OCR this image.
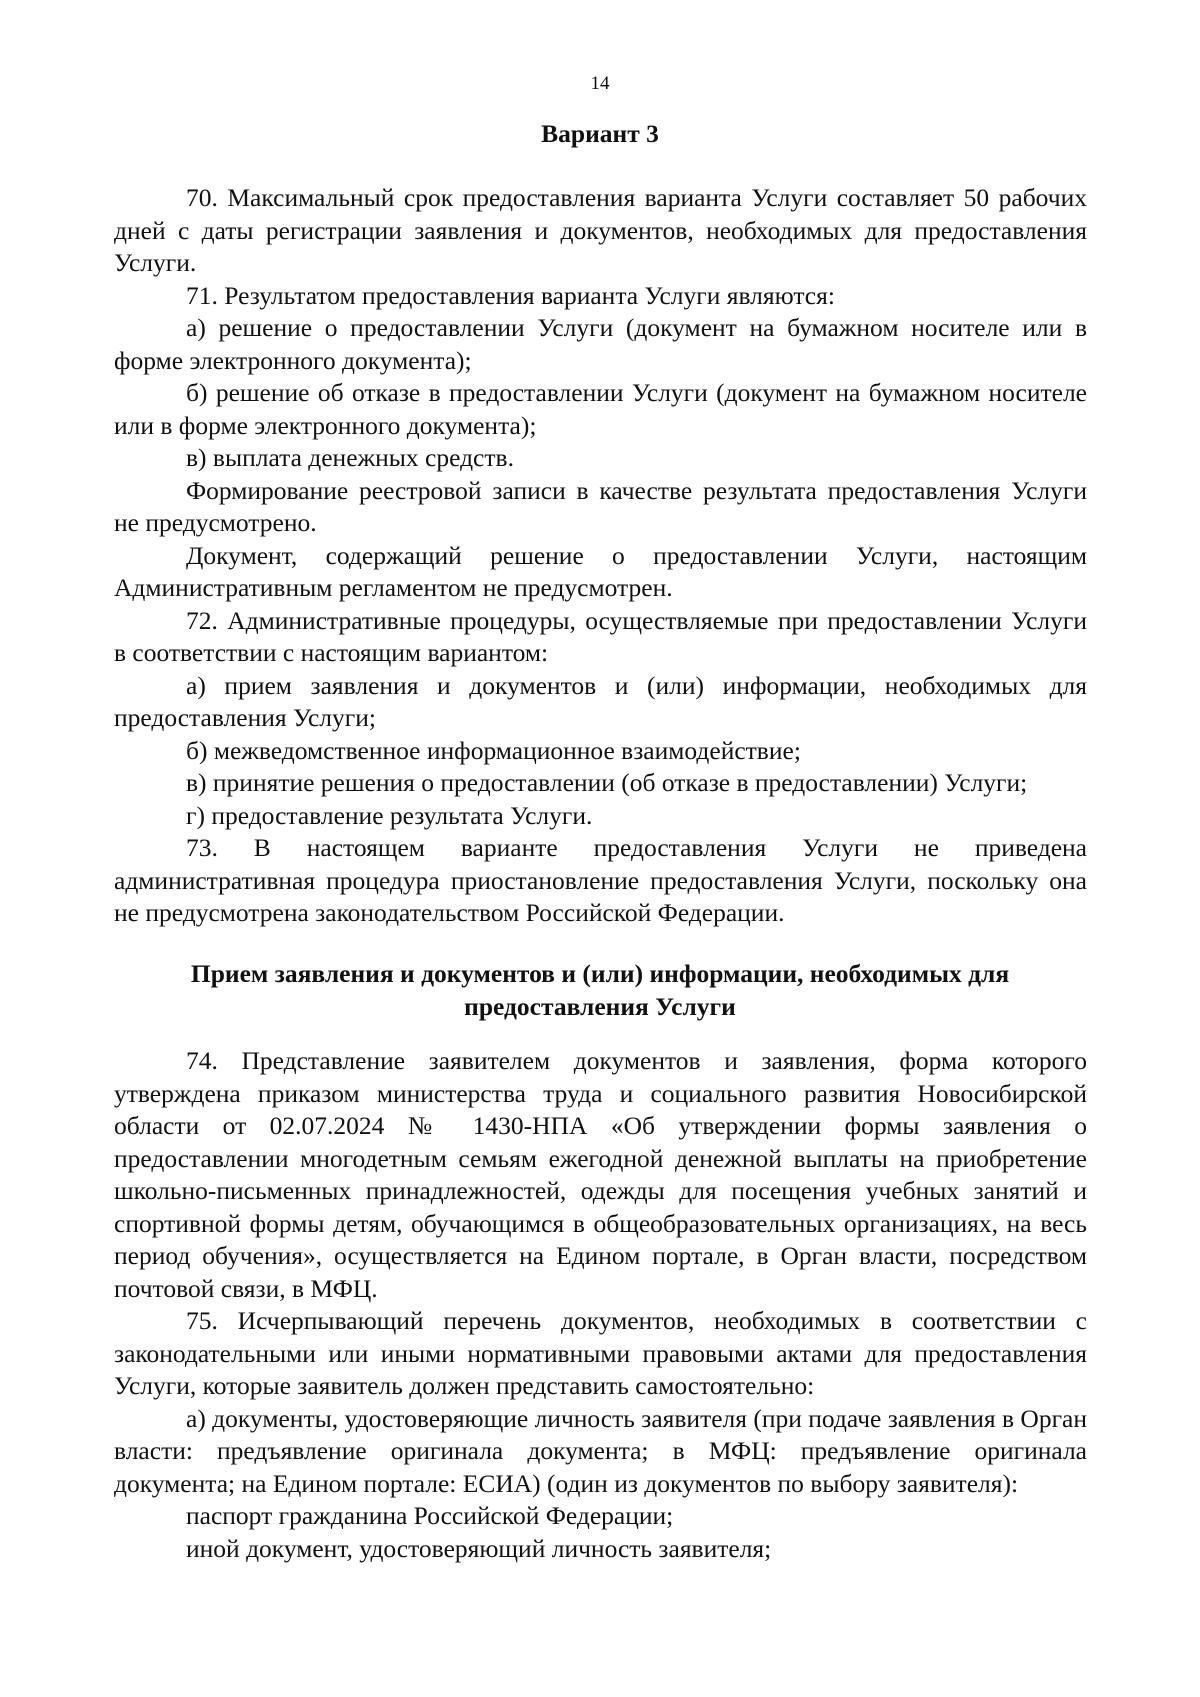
14
Вариант 3

70. Максимальный срок предоставления варианта Услуги составляет 50 рабочих дней с даты регистрации заявления и документов, необходимых для предоставления Услуги.

71. Результатом предоставления варианта Услуги являются:

а) решение о предоставлении Услуги (документ на бумажном носителе или в форме электронного документа);

б) решение об отказе в предоставлении Услуги (документ на бумажном носителе или в форме электронного документа);

в) выплата денежных средств.

Формирование реестровой записи в качестве результата предоставления Услуги не предусмотрено.

Документ, содержащий решение о предоставлении Услуги, настоящим Административным регламентом не предусмотрен.

72. Административные процедуры, осуществляемые при предоставлении Услуги в соответствии с настоящим вариантом:

а) прием заявления и документов и (или) информации, необходимых для предоставления Услуги;

б) межведомственное информационное взаимодействие;

в) принятие решения о предоставлении (об отказе в предоставлении) Услуги;

г) предоставление результата Услуги.

73. В настоящем варианте предоставления Услуги не приведена административная процедура приостановление предоставления Услуги, поскольку она не предусмотрена законодательством Российской Федерации.

Прием заявления и документов и (или) информации, необходимых для предоставления Услуги

74. Представление заявителем документов и заявления, форма которого утверждена приказом министерства труда и социального развития Новосибирской области от 02.07.2024 № 1430-НПА «Об утверждении формы заявления о предоставлении многодетным семьям ежегодной денежной выплаты на приобретение школьно-письменных принадлежностей, одежды для посещения учебных занятий и спортивной формы детям, обучающимся в общеобразовательных организациях, на весь период обучения», осуществляется на Едином портале, в Орган власти, посредством почтовой связи, в МФЦ.

75. Исчерпывающий перечень документов, необходимых в соответствии с законодательными или иными нормативными правовыми актами для предоставления Услуги, которые заявитель должен представить самостоятельно:

а) документы, удостоверяющие личность заявителя (при подаче заявления в Орган власти: предъявление оригинала документа; в МФЦ: предъявление оригинала документа; на Едином портале: ЕСИА) (один из документов по выбору заявителя):

паспорт гражданина Российской Федерации;

иной документ, удостоверяющий личность заявителя;
